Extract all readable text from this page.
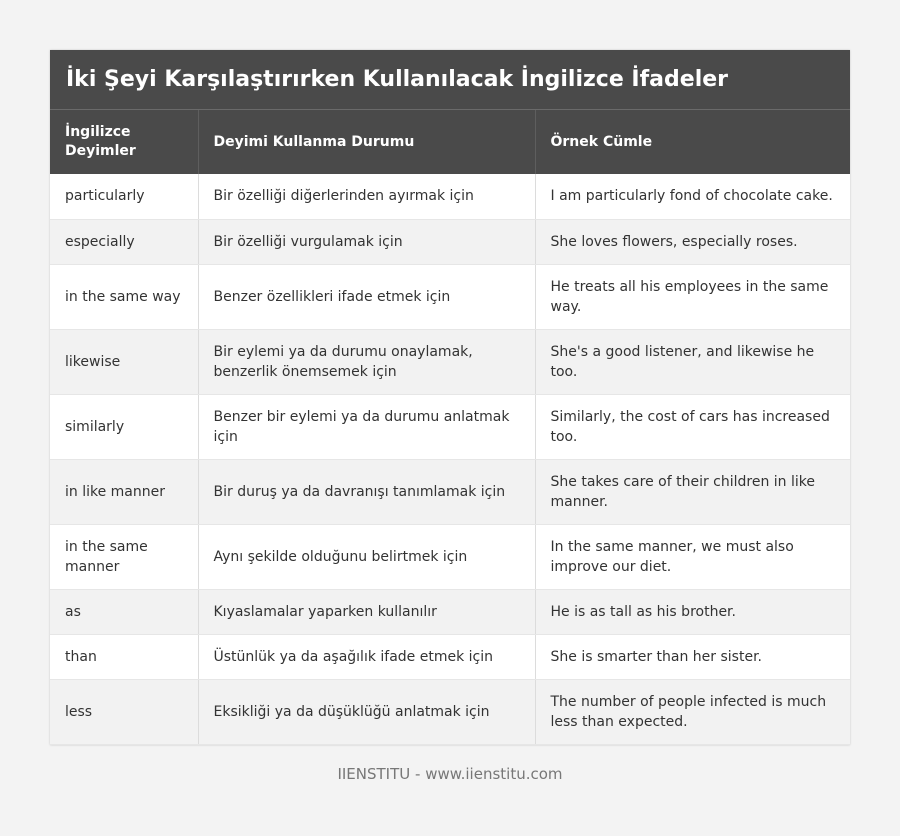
İki Şeyi Karşılaştırırken Kullanılacak İngilizce İfadeler
İngilizce Deyimler	Deyimi Kullanma Durumu	Örnek Cümle
particularly	Bir özelliği diğerlerinden ayırmak için	I am particularly fond of chocolate cake.
especially	Bir özelliği vurgulamak için	She loves flowers, especially roses.
in the same way	Benzer özellikleri ifade etmek için	He treats all his employees in the same way.
likewise	Bir eylemi ya da durumu onaylamak, benzerlik önemsemek için	She's a good listener, and likewise he too.
similarly	Benzer bir eylemi ya da durumu anlatmak için	Similarly, the cost of cars has increased too.
in like manner	Bir duruş ya da davranışı tanımlamak için	She takes care of their children in like manner.
in the same manner	Aynı şekilde olduğunu belirtmek için	In the same manner, we must also improve our diet.
as	Kıyaslamalar yaparken kullanılır	He is as tall as his brother.
than	Üstünlük ya da aşağılık ifade etmek için	She is smarter than her sister.
less	Eksikliği ya da düşüklüğü anlatmak için	The number of people infected is much less than expected.
IIENSTITU - www.iienstitu.com
